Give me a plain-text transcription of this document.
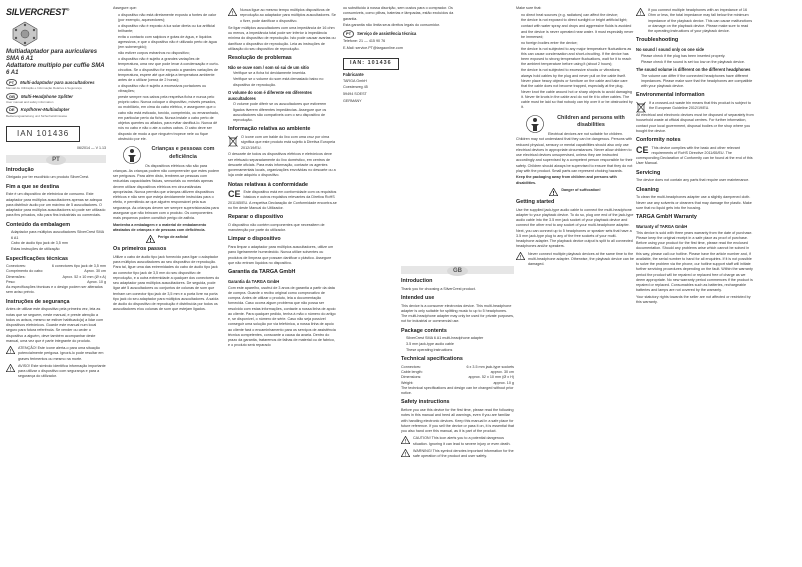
SILVERCREST®
Multiadaptador para auriculares SMA 6 A1
Adattatore multiplo per cuffie SMA 6 A1
PT Multi-adaptador para auscultadores
Manual de Utilização e Informação Relativa à Segurança
GB Multi-Headphone Splitter
User manual and safety information
DE Kopfhörer-Multiadapter
Bedienungsanleitung und Sicherheitshinweise
IAN 101436
06/2014 — V 1.13
PT
Introdução

Obrigado por ter escolhido um produto SilverCrest.

Fim a que se destina

Este é um dispositivo de eletrónica de consumo. Este adaptador para múltiplos auscultadores apenas se adequa para distribuir áudio por um máximo de 5 auscultadores. O adaptador para múltiplos auscultadores só pode ser utilizado para fins privados, não para fins industriais ou comerciais.

Conteúdo da embalagem
• Adaptador para múltiplos auscultadores SilverCrest SMA 6 A1
• Cabo de áudio tipo jack de 3,5 mm
• Estas instruções de utilização
Especificações técnicas
Conectores:	6 conectores tipo jack de 3,5 mm
Comprimento do cabo:	Aprox. 30 cm
Dimensões:	Aprox. 52 x 10 mm (Ø x A)
Peso:	Aprox. 10 g

As especificações técnicas e o design podem ser alterados sem aviso prévio.

Instruções de segurança

Antes de utilizar este dispositivo pela primeira vez, leia as notas que se seguem, neste manual, e preste atenção a todos os avisos, mesmo se estiver habituado(a) a lidar com dispositivos eletrónicos. Guarde este manual num local seguro para futura referência. Se vender ou ceder o dispositivo a alguém, deve também acompanhar deste manual, uma vez que é parte integrante do produto.

!
ATENÇÃO! Este ícone alerta-o para uma situação potencialmente perigosa. Ignorá-lo pode resultar em graves ferimentos ou mesmo na morte.
!
AVISO! Este símbolo identifica informação importante para utilizar o dispositivo com segurança e para a segurança do utilizador.

Assegure que:

• o dispositivo não está diretamente exposto a fontes de calor (por exemplo, aquecedores);
• o dispositivo não é exposto à luz solar direta ou luz artificial brilhante;
• evita o contacto com salpicos e gotas de água, e líquidos agressivos, e que o dispositivo não é utilizado perto de água (em submergido);
• não estiver corpos estranhos no dispositivo;
• o dispositivo não é sujeito a grandes variações de temperatura, uma vez que pode levar à condensação e curto-circuitos. Se o dispositivo for exposto a grandes variações de temperatura, espere até que atinja a temperatura ambiente antes de o utilizar (cerca de 2 horas);
• o dispositivo não é sujeito a excessivos portadores ou vibrações;
• preste sempre nos cabos pela respetiva ficha e nunca pelo próprio cabo. Nunca coloque o dispositivo, móveis pesados, ou mobiliário, em cima do cabo elétrico, e assegurem que o cabo não está esticado, torcido, comprimido, ou emaranhado, em particular perto da ficha. Nunca instale o cabo perto de objetos quentes ou afiados, para evitar danificá-lo. Nunca dê nós no cabo e não o ate a outros cabos. O cabo deve ser disposto de modo a que ninguém tropece nele ou fique obstruído por ele.
Crianças e pessoas com deficiência

Os dispositivos elétricos não são para crianças. As crianças podem não compreender que estes podem ser perigosos. Para além disto, lembrem-se pessoas com reduzidas capacidades físicas, sensoriais ou mentais apenas devem utilizar dispositivos elétricos em circunstâncias apropriadas. Nunca permita que crianças utilizem dispositivos elétricos e não sem que esteja devidamente instruídas para o efeito, e permitindo-se que alguém responsável pela sua segurança. As crianças devem ser sempre supervisionadas para assegurar que não brincam com o produto. Os componentes mais pequenos podem constituir perigo de asfixia.

Mantenha a embalagem e o material de embalamento afastados de crianças e de pessoas com deficiência.

!
Perigo de asfixia!
Os primeiros passos

Utilize o cabo de áudio tipo jack fornecido para ligar o adaptador para múltiplos auscultadores ao seu dispositivo de reprodução. Para tal, ligue uma das extremidades do cabo de áudio tipo jack ao conector tipo jack de 3,5 mm do seu dispositivo de reprodução, e a outra extremidade a qualquer dos conectores do seu adaptador para múltiplos auscultadores. De seguida, pode ligar até 5 auscultadores ou conjuntos de colunas de som que tenham um conector tipo jack de 3,5 mm e a porta livre na porta tipo jack do seu adaptador para múltiplos auscultadores. A saída de áudio do dispositivo de reprodução é distribuída por todos os auscultadores e/ou colunas de som que estejam ligados.

!
Nunca ligue ao mesmo tempo múltiplos dispositivos de reprodução ao adaptador para múltiplos auscultadores. Se o fizer, pode danificar o dispositivo.

Se ligar múltiplos auscultadores com uma impedância de 16 ohm ou menos, a impedância total pode ser inferior à impedância mínima do dispositivo de reprodução. Isto pode causar avarias ou danificar o dispositivo de reprodução. Leia as instruções de utilização do seu dispositivo de reprodução.

Resolução de problemas
Não se ouve som / som só sai de um sítio
• Verifique se a ficha foi devidamente inserida.
• Verifique se o volume do som está demasiado baixo no dispositivo de reprodução.
O volume do som é diferente em diferentes auscultadores
• O volume pode diferir se os auscultadores que estiverem ligados tiverem diferentes impedâncias. Assegure que os auscultadores são compatíveis com o seu dispositivo de reprodução.
Informação relativa ao ambiente

O ícone com um balde do lixo com uma cruz por cima significa que este produto está sujeito à Diretiva Europeia 2012/19/EU.

O descarte de todos os dispositivos elétricos e eletrónicos deve ser efetuado separadamente do lixo doméstico, em centros de descarte oficiais. Para mais informação, contacte os agentes governamentais locais, organizações envolvidas no descarte ou a loja onde adquiriu o dispositivo.

Notas relativas à conformidade
CE Este dispositivo está em conformidade com os requisitos básicos e outros requisitos relevantes da Diretiva RoHS 2011/65/EU. A respetiva Declaração de Conformidade encontra-se no fim deste Manual do Utilizador.

Reparar o dispositivo

O dispositivo não contém componentes que necessitem de manutenção por parte do utilizador.

Limpar o dispositivo

Para limpar o adaptador para múltiplos auscultadores, utilize um pano ligeiramente humedecido. Nunca utilize solventes ou produtos de limpeza que possam danificar o plástico. Assegure que não entram líquidos no dispositivo.

Garantia da TARGA GmbH
Garantia da TARGA GmbH

Com este aparelho, usufrui de 3 anos de garantia a partir da data de compra. Guarde o recibo original como comprovativo de compra. Antes de utilizar o produto, leia a documentação fornecida. Caso ocorra algum problema que não possa ser resolvido com estas informações, contacte a nossa linha de apoio ao cliente. Para qualquer pedido, tenha à mão o número do artigo e, se disponível, o número de série. Caso não seja possível conseguir uma solução por via telefónica, a nossa linha de apoio ao cliente fará o encaminhamento para os serviços de assistência técnica competentes, consoante a causa da avaria. Dentro do prazo da garantia, trataremos de falhas de material ou de fabrico, e o produto será reparado

ou substituído à nossa discrição, sem custos para o comprador. Os consumíveis, como pilhas, baterias e lâmpadas, estão excluídos da garantia.

Esta garantia não limita seus direitos legais do consumidor.

PT Serviço de assistência técnica

Telefone: 21 — 415 90 76

E-Mail: service.PT@targaonline.com

IAN: 101436
Fabricante

TARGA GmbH

Coesterweg 45

59494 SOEST

GERMANY

GB
Introduction

Thank you for choosing a SilverCrest product.

Intended use

This device is a consumer electronics device. This multi-headphone adapter is only suitable for splitting music to up to 5 headphones. The multi-headphone adapter may only be used for private purposes, not for industrial or commercial use.

Package contents
• SilverCrest SMA 6 A1 multi-headphone adapter
• 3.5 mm jack-type audio cable
• These operating instructions
Technical specifications
Connectors:	6 x 3.5 mm jack-type sockets
Cable length:	approx. 30 cm
Dimensions:	approx. 52 x 10 mm (Ø x H)
Weight:	approx. 10 g

The technical specifications and design can be changed without prior notice.

Safety instructions

Before you use this device for the first time, please read the following notes in this manual and heed all warnings, even if you are familiar with handling electronic devices. Keep this manual in a safe place for future reference. If you sell the device or pass it on, it is essential that you also hand over this manual, as it is part of the product.

!
CAUTION! This icon alerts you to a potential dangerous situation. Ignoring it can lead to severe injury or even death.
!
WARNING! This symbol denotes important information for the safe operation of the product and user safety.

Make sure that:

• no direct heat sources (e.g. radiators) can affect the device;
• the device is not exposed to direct sunlight or bright artificial light;
• contact with water spray and drops and aggressive fluids is avoided and the device is never operated near water. It must especially never be immersed;
• no foreign bodies enter the device;
• the device is not subjected to any major temperature fluctuations as this can cause condensation and short-circuiting. If the device has been exposed to strong temperature fluctuations, wait for it to reach the ambient temperature before using it (about 2 hours);
• the device is not subjected to excessive shocks or vibrations;
• always hold cables by the plug and never pull on the cable itself. Never place heavy objects or furniture on the cable and take care that the cable does not become trapped, especially at the plug. Never knot the cable around hot or sharp objects to avoid damaging it. Never tie knots in the cable and do not tie it to other cables. The cable must be laid so that nobody can trip over it or be obstructed by it.
Children and persons with disabilities

Electrical devices are not suitable for children. Children may not understand that they can be dangerous. Persons with reduced physical, sensory or mental capabilities should also only use electrical devices in appropriate circumstances. Never allow children to use electrical devices unsupervised, unless they are instructed accordingly and supervised by a competent person responsible for their safety. Children should always be supervised to ensure that they do not play with the product. Small parts can represent choking hazards.

Keep the packaging away from children and persons with disabilities.

!
Danger of suffocation!
Getting started

Use the supplied jack-type audio cable to connect the multi-headphone adapter to your playback device. To do so, plug one end of the jack-type audio cable into the 3.5 mm jack socket of your playback device and connect the other end to any socket of your multi-headphone adapter. Next, you can connect up to 5 headphones or speaker sets that have a 3.5 mm jack-type plug to any of the free sockets of your multi-headphone adapter. The playback device output is split to all connected headphones and/or speakers.

!
Never connect multiple playback devices at the same time to the multi-headphone adapter. Otherwise, the playback device can be damaged.
!
If you connect multiple headphones with an impedance of 16 Ohm or less, the total impedance may fall below the minimum impedance of the playback device. This can cause malfunctions or damage on the playback device. Please make sure to read the operating instructions of your playback device.
Troubleshooting
No sound / sound only on one side
• Please check if the plug has been inserted properly.
• Please check if the sound is set too low on the playback device.
The sound volume is different on the different headphones
• The volume can differ if the connected headphones have different impedances. Please make sure that the headphones are compatible with your playback device.
Environmental information

If a crossed-out waste bin means that this product is subject to the European Guideline 2012/19/EU.

All electrical and electronic devices must be disposed of separately from household waste at official disposal centres. For further information, contact your local government, disposal bodies or the shop where you bought the device.

Conformity notes
CE This device complies with the basic and other relevant requirements of RoHS Directive 2011/65/EU. The corresponding Declaration of Conformity can be found at the end of this User Manual.

Servicing

The device does not contain any parts that require user maintenance.

Cleaning

To clean the multi-headphones adapter use a slightly dampened cloth. Never use any solvents or cleaners that may damage the plastic. Make sure that no liquid gets into the housing.

TARGA GmbH Warranty
Warranty of TARGA GmbH

This device is sold with three years warranty from the date of purchase. Please keep the original receipt in a safe place as proof of purchase. Before using your product for the first time, please read the enclosed documentation. Should any problems arise which cannot be solved in this way, please call our hotline. Please have the article number and, if available, the serial number to hand for all enquiries. If it is not possible to solve the problem via the phone, our hotline support staff will initiate further servicing procedures depending on the fault. Within the warranty period the product will be repaired or replaced free of charge as we deem appropriate. No new warranty period commences if the product is repaired or replaced. Consumables such as batteries, rechargeable batteries and lamps are not covered by the warranty.

Your statutory rights towards the seller are not affected or restricted by this warranty.
